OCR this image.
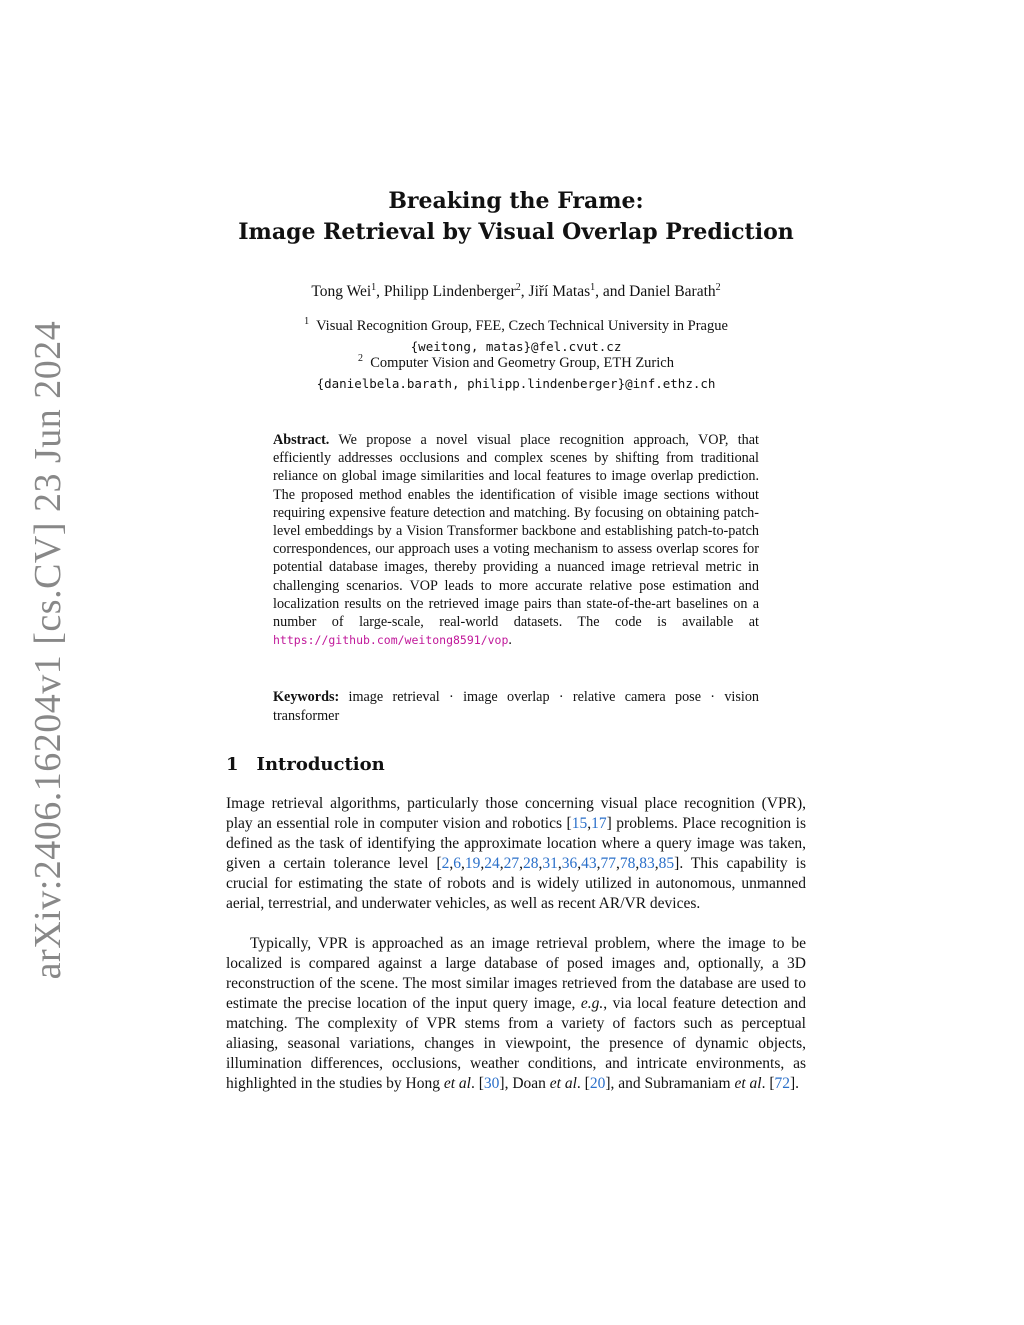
arXiv:2406.16204v1 [cs.CV] 23 Jun 2024
Breaking the Frame:
Image Retrieval by Visual Overlap Prediction
Tong Wei$^1$, Philipp Lindenberger$^2$, Jiří Matas$^1$, and Daniel Barath$^2$
$^1$ Visual Recognition Group, FEE, Czech Technical University in Prague
{weitong, matas}@fel.cvut.cz
$^2$ Computer Vision and Geometry Group, ETH Zurich
{danielbela.barath, philipp.lindenberger}@inf.ethz.ch
Abstract. We propose a novel visual place recognition approach, VOP, that efficiently addresses occlusions and complex scenes by shifting from traditional reliance on global image similarities and local features to image overlap prediction. The proposed method enables the identification of visible image sections without requiring expensive feature detection and matching. By focusing on obtaining patch-level embeddings by a Vision Transformer backbone and establishing patch-to-patch correspondences, our approach uses a voting mechanism to assess overlap scores for potential database images, thereby providing a nuanced image retrieval metric in challenging scenarios. VOP leads to more accurate relative pose estimation and localization results on the retrieved image pairs than state-of-the-art baselines on a number of large-scale, real-world datasets. The code is available at https://github.com/weitong8591/vop.
Keywords: image retrieval · image overlap · relative camera pose · vision transformer
1 Introduction
Image retrieval algorithms, particularly those concerning visual place recognition (VPR), play an essential role in computer vision and robotics [15,17] problems. Place recognition is defined as the task of identifying the approximate location where a query image was taken, given a certain tolerance level [2,6,19,24,27,28,31,36,43,77,78,83,85]. This capability is crucial for estimating the state of robots and is widely utilized in autonomous, unmanned aerial, terrestrial, and underwater vehicles, as well as recent AR/VR devices.
Typically, VPR is approached as an image retrieval problem, where the image to be localized is compared against a large database of posed images and, optionally, a 3D reconstruction of the scene. The most similar images retrieved from the database are used to estimate the precise location of the input query image, e.g., via local feature detection and matching. The complexity of VPR stems from a variety of factors such as perceptual aliasing, seasonal variations, changes in viewpoint, the presence of dynamic objects, illumination differences, occlusions, weather conditions, and intricate environments, as highlighted in the studies by Hong et al. [30], Doan et al. [20], and Subramaniam et al. [72].
